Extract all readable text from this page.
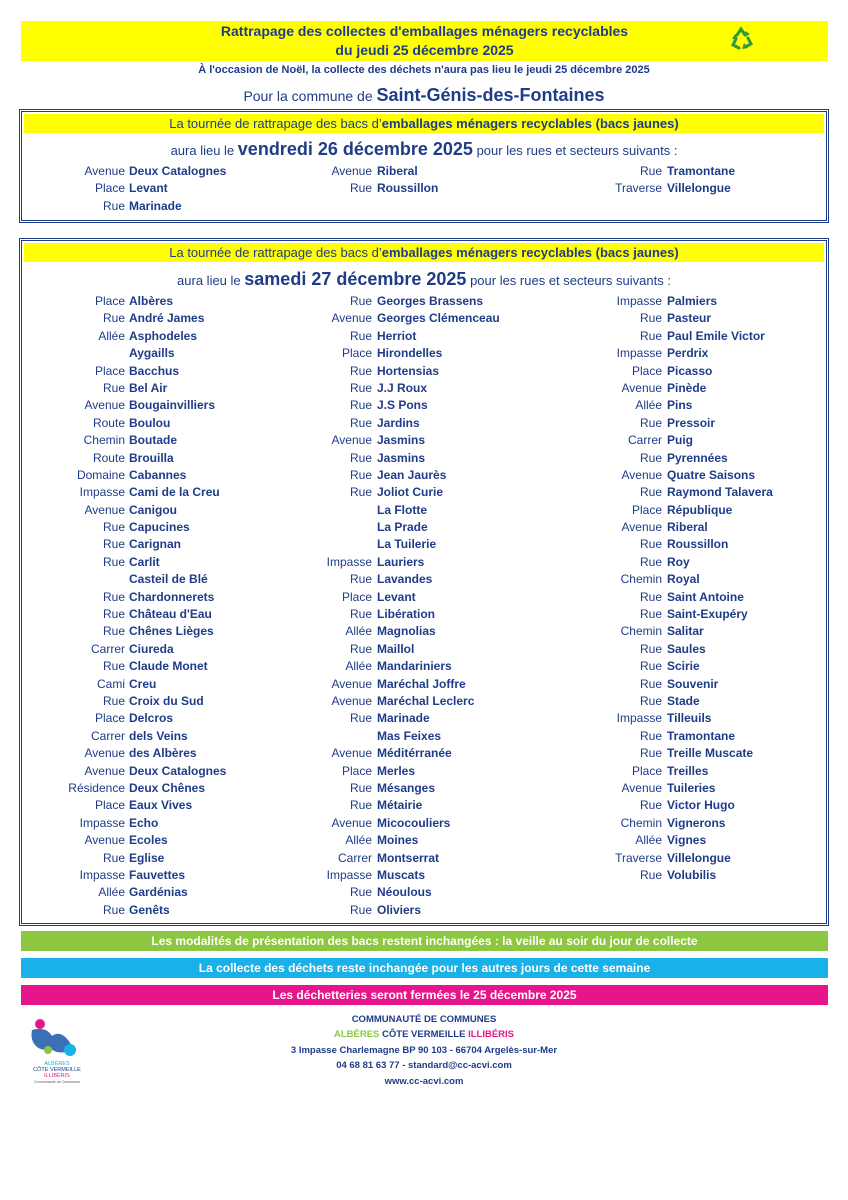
Rattrapage des collectes d'emballages ménagers recyclables
du jeudi 25 décembre 2025
À l'occasion de Noël, la collecte des déchets n'aura pas lieu le jeudi 25 décembre 2025
Pour la commune de Saint-Génis-des-Fontaines
La tournée de rattrapage des bacs d’emballages ménagers recyclables (bacs jaunes)
aura lieu le vendredi 26 décembre 2025 pour les rues et secteurs suivants :
Avenue Deux Catalognes
Place Levant
Rue Marinade
Avenue Riberal
Rue Roussillon
Rue Tramontane
Traverse Villelongue
La tournée de rattrapage des bacs d’emballages ménagers recyclables (bacs jaunes)
aura lieu le samedi 27 décembre 2025 pour les rues et secteurs suivants :
Place Albères
Rue André James
Allée Asphodeles
Aygaills
Place Bacchus
Rue Bel Air
Avenue Bougainvilliers
Route Boulou
Chemin Boutade
Route Brouilla
Domaine Cabannes
Impasse Cami de la Creu
Avenue Canigou
Rue Capucines
Rue Carignan
Rue Carlit
Casteil de Blé
Rue Chardonnerets
Rue Château d'Eau
Rue Chênes Lièges
Carrer Ciureda
Rue Claude Monet
Cami Creu
Rue Croix du Sud
Place Delcros
Carrer dels Veins
Avenue des Albères
Avenue Deux Catalognes
Résidence Deux Chênes
Place Eaux Vives
Impasse Echo
Avenue Ecoles
Rue Eglise
Impasse Fauvettes
Allée Gardénias
Rue Genêts
Rue Georges Brassens
Avenue Georges Clémenceau
Rue Herriot
Place Hirondelles
Rue Hortensias
Rue J.J Roux
Rue J.S Pons
Rue Jardins
Avenue Jasmins
Rue Jasmins
Rue Jean Jaurès
Rue Joliot Curie
La Flotte
La Prade
La Tuilerie
Impasse Lauriers
Rue Lavandes
Place Levant
Rue Libération
Allée Magnolias
Rue Maillol
Allée Mandariniers
Avenue Maréchal Joffre
Avenue Maréchal Leclerc
Rue Marinade
Mas Feixes
Avenue Méditérranée
Place Merles
Rue Mésanges
Rue Métairie
Avenue Micocouliers
Allée Moines
Carrer Montserrat
Impasse Muscats
Rue Néoulous
Rue Oliviers
Impasse Palmiers
Rue Pasteur
Rue Paul Emile Victor
Impasse Perdrix
Place Picasso
Avenue Pinède
Allée Pins
Rue Pressoir
Carrer Puig
Rue Pyrennées
Avenue Quatre Saisons
Rue Raymond Talavera
Place République
Avenue Riberal
Rue Roussillon
Rue Roy
Chemin Royal
Rue Saint Antoine
Rue Saint-Exupéry
Chemin Salitar
Rue Saules
Rue Scirie
Rue Souvenir
Rue Stade
Impasse Tilleuils
Rue Tramontane
Rue Treille Muscate
Place Treilles
Avenue Tuileries
Rue Victor Hugo
Chemin Vignerons
Allée Vignes
Traverse Villelongue
Rue Volubilis
Les modalités de présentation des bacs restent inchangées : la veille au soir du jour de collecte
La collecte des déchets reste inchangée pour les autres jours de cette semaine
Les déchetteries seront fermées le 25 décembre 2025
ALBÈRES
CÔTE VERMEILLE
ILLIBÉRIS
Communauté de Communes
COMMUNAUTÉ DE COMMUNES
ALBÈRES CÔTE VERMEILLE ILLIBÉRIS
3 Impasse Charlemagne BP 90 103 - 66704 Argelès-sur-Mer
04 68 81 63 77 - standard@cc-acvi.com
www.cc-acvi.com
